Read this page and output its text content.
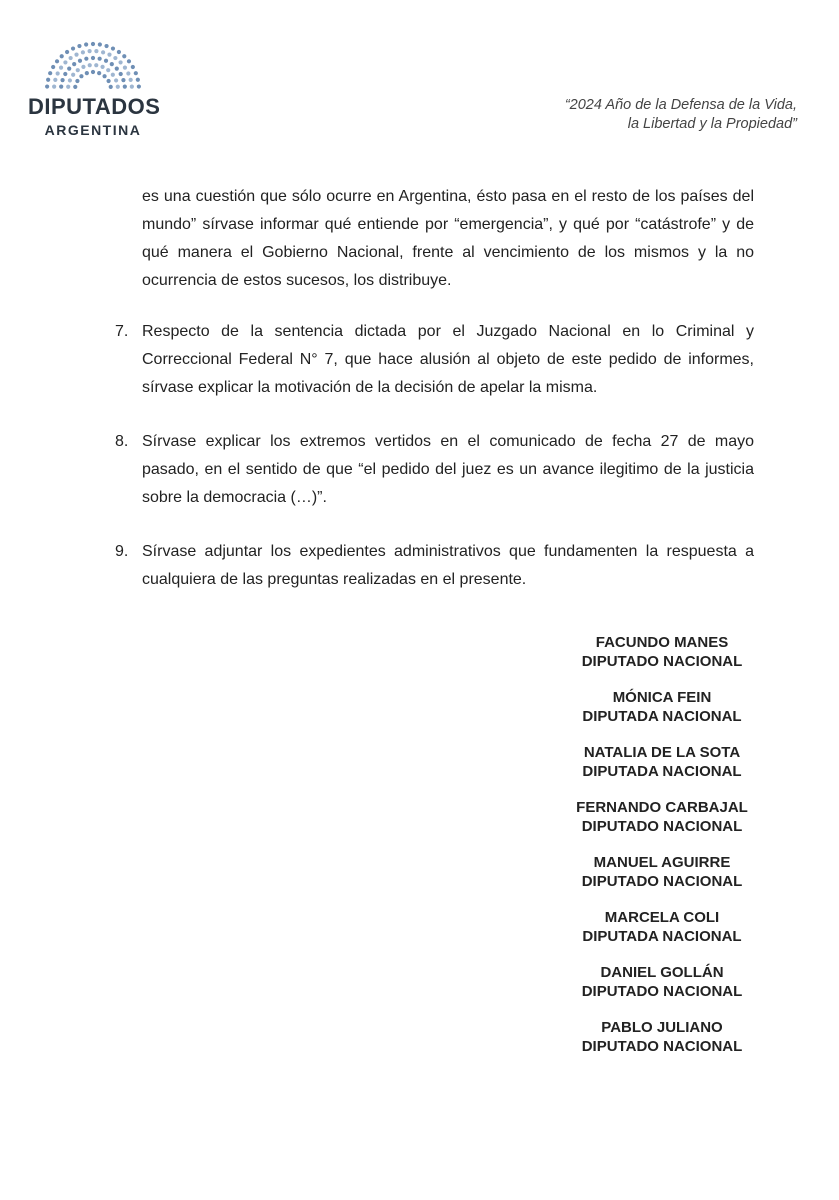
DIPUTADOS
ARGENTINA
“2024 Año de la Defensa de la Vida,
la Libertad y la Propiedad”

es una cuestión que sólo ocurre en Argentina, ésto pasa en el resto de los países del mundo” sírvase informar qué entiende por “emergencia”, y qué por “catástrofe” y de qué manera el Gobierno Nacional, frente al vencimiento de los mismos y la no ocurrencia de estos sucesos, los distribuye.

7. Respecto de la sentencia dictada por el Juzgado Nacional en lo Criminal y Correccional Federal N° 7, que hace alusión al objeto de este pedido de informes, sírvase explicar la motivación de la decisión de apelar la misma.

8. Sírvase explicar los extremos vertidos en el comunicado de fecha 27 de mayo pasado, en el sentido de que “el pedido del juez es un avance ilegitimo de la justicia sobre la democracia (…)”.

9. Sírvase adjuntar los expedientes administrativos que fundamenten la respuesta a cualquiera de las preguntas realizadas en el presente.

FACUNDO MANES
DIPUTADO NACIONAL
MÓNICA FEIN
DIPUTADA NACIONAL
NATALIA DE LA SOTA
DIPUTADA NACIONAL
FERNANDO CARBAJAL
DIPUTADO NACIONAL
MANUEL AGUIRRE
DIPUTADO NACIONAL
MARCELA COLI
DIPUTADA NACIONAL
DANIEL GOLLÁN
DIPUTADO NACIONAL
PABLO JULIANO
DIPUTADO NACIONAL
